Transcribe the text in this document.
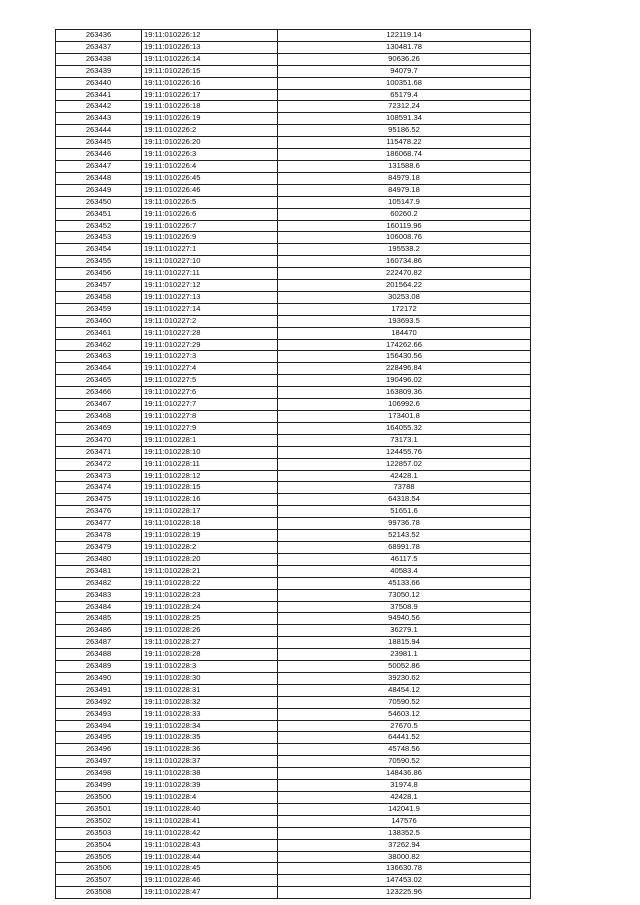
263436	19:11:010226:12	122119.14
263437	19:11:010226:13	130481.78
263438	19:11:010226:14	90636.26
263439	19:11:010226:15	94079.7
263440	19:11:010226:16	100351.68
263441	19:11:010226:17	65179.4
263442	19:11:010226:18	72312.24
263443	19:11:010226:19	108591.34
263444	19:11:010226:2	95186.52
263445	19:11:010226:20	115478.22
263446	19:11:010226:3	186068.74
263447	19:11:010226:4	131588.6
263448	19:11:010226:45	84979.18
263449	19:11:010226:46	84979.18
263450	19:11:010226:5	105147.9
263451	19:11:010226:6	60260.2
263452	19:11:010226:7	160119.96
263453	19:11:010226:9	106008.76
263454	19:11:010227:1	195538.2
263455	19:11:010227:10	160734.86
263456	19:11:010227:11	222470.82
263457	19:11:010227:12	201564.22
263458	19:11:010227:13	30253.08
263459	19:11:010227:14	172172
263460	19:11:010227:2	193693.5
263461	19:11:010227:28	184470
263462	19:11:010227:29	174262.66
263463	19:11:010227:3	156430.56
263464	19:11:010227:4	228496.84
263465	19:11:010227:5	190496.02
263466	19:11:010227:6	163809.36
263467	19:11:010227:7	106992.6
263468	19:11:010227:8	173401.8
263469	19:11:010227:9	164055.32
263470	19:11:010228:1	73173.1
263471	19:11:010228:10	124455.76
263472	19:11:010228:11	122857.02
263473	19:11:010228:12	42428.1
263474	19:11:010228:15	73788
263475	19:11:010228:16	64318.54
263476	19:11:010228:17	51651.6
263477	19:11:010228:18	99736.78
263478	19:11:010228:19	52143.52
263479	19:11:010228:2	68991.78
263480	19:11:010228:20	46117.5
263481	19:11:010228:21	40583.4
263482	19:11:010228:22	45133.66
263483	19:11:010228:23	73050.12
263484	19:11:010228:24	37508.9
263485	19:11:010228:25	94940.56
263486	19:11:010228:26	36279.1
263487	19:11:010228:27	18815.94
263488	19:11:010228:28	23981.1
263489	19:11:010228:3	50052.86
263490	19:11:010228:30	39230.62
263491	19:11:010228:31	48454.12
263492	19:11:010228:32	70590.52
263493	19:11:010228:33	54603.12
263494	19:11:010228:34	27670.5
263495	19:11:010228:35	64441.52
263496	19:11:010228:36	45748.56
263497	19:11:010228:37	70590.52
263498	19:11:010228:38	148436.86
263499	19:11:010228:39	31974.8
263500	19:11:010228:4	42428.1
263501	19:11:010228:40	142041.9
263502	19:11:010228:41	147576
263503	19:11:010228:42	138352.5
263504	19:11:010228:43	37262.94
263505	19:11:010228:44	38000.82
263506	19:11:010228:45	136630.78
263507	19:11:010228:46	147453.02
263508	19:11:010228:47	123225.96
